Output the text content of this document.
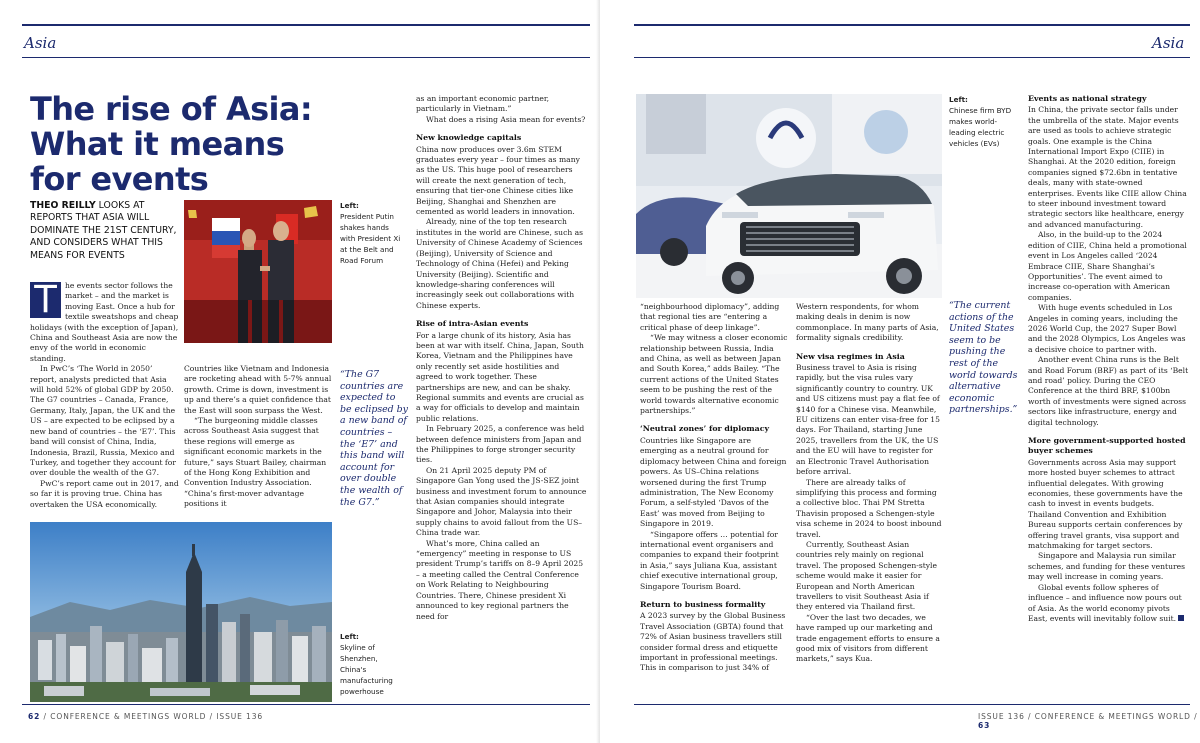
Asia
The rise of Asia: What it means for events
THEO REILLY LOOKS AT REPORTS THAT ASIA WILL DOMINATE THE 21ST CENTURY, AND CONSIDERS WHAT THIS MEANS FOR EVENTS
Left:
President Putin shakes hands with President Xi at the Belt and Road Forum
T	he events sector follows the market – and the market is moving East. Once a hub for textile sweatshops and cheap holidays (with the exception of Japan), China and Southeast Asia are now the envy of the world in economic standing.

In PwC’s ‘The World in 2050’ report, analysts predicted that Asia will hold 52% of global GDP by 2050. The G7 countries – Canada, France, Germany, Italy, Japan, the UK and the US – are expected to be eclipsed by a new band of countries – the ‘E7’. This band will consist of China, India, Indonesia, Brazil, Russia, Mexico and Turkey, and together they account for over double the wealth of the G7.

PwC’s report came out in 2017, and so far it is proving true. China has overtaken the USA economically.

Countries like Vietnam and Indonesia are rocketing ahead with 5-7% annual growth. Crime is down, investment is up and there’s a quiet confidence that the East will soon surpass the West.

“The burgeoning middle classes across Southeast Asia suggest that these regions will emerge as significant economic markets in the future,” says Stuart Bailey, chairman of the Hong Kong Exhibition and Convention Industry Association. “China’s first-mover advantage positions it

“The G7 countries are expected to be eclipsed by a new band of countries – the ‘E7’ and this band will account for over double the wealth of the G7.”
Left:
Skyline of Shenzhen, China's manufacturing powerhouse

as an important economic partner, particularly in Vietnam.”

What does a rising Asia mean for events?

New knowledge capitals

China now produces over 3.6m STEM graduates every year – four times as many as the US. This huge pool of researchers will create the next generation of tech, ensuring that tier-one Chinese cities like Beijing, Shanghai and Shenzhen are cemented as world leaders in innovation.

Already, nine of the top ten research institutes in the world are Chinese, such as University of Chinese Academy of Sciences (Beijing), University of Science and Technology of China (Hefei) and Peking University (Beijing). Scientific and knowledge-sharing conferences will increasingly seek out collaborations with Chinese experts.

Rise of intra-Asian events

For a large chunk of its history, Asia has been at war with itself. China, Japan, South Korea, Vietnam and the Philippines have only recently set aside hostilities and agreed to work together. These partnerships are new, and can be shaky. Regional summits and events are crucial as a way for officials to develop and maintain public relations.

In February 2025, a conference was held between defence ministers from Japan and the Philippines to forge stronger security ties.

On 21 April 2025 deputy PM of Singapore Gan Yong used the JS-SEZ joint business and investment forum to announce that Asian companies should integrate Singapore and Johor, Malaysia into their supply chains to avoid fallout from the US–China trade war.

What’s more, China called an “emergency” meeting in response to US president Trump’s tariffs on 8–9 April 2025 – a meeting called the Central Conference on Work Relating to Neighbouring Countries. There, Chinese president Xi announced to key regional partners the need for

62 / CONFERENCE & MEETINGS WORLD / ISSUE 136
Asia
Left:
Chinese firm BYD makes world-leading electric vehicles (EVs)

“neighbourhood diplomacy”, adding that regional ties are “entering a critical phase of deep linkage”.

“We may witness a closer economic relationship between Russia, India and China, as well as between Japan and South Korea,” adds Bailey. “The current actions of the United States seem to be pushing the rest of the world towards alternative economic partnerships.”

‘Neutral zones’ for diplomacy

Countries like Singapore are emerging as a neutral ground for diplomacy between China and foreign powers. As US–China relations worsened during the first Trump administration, The New Economy Forum, a self-styled ‘Davos of the East’ was moved from Beijing to Singapore in 2019.

“Singapore offers … potential for international event organisers and companies to expand their footprint in Asia,” says Juliana Kua, assistant chief executive international group, Singapore Tourism Board.

Return to business formality

A 2023 survey by the Global Business Travel Association (GBTA) found that 72% of Asian business travellers still consider formal dress and etiquette important in professional meetings. This in comparison to just 34% of

Western respondents, for whom making deals in denim is now commonplace. In many parts of Asia, formality signals credibility.

New visa regimes in Asia

Business travel to Asia is rising rapidly, but the visa rules vary significantly country to country. UK and US citizens must pay a flat fee of $140 for a Chinese visa. Meanwhile, EU citizens can enter visa-free for 15 days. For Thailand, starting June 2025, travellers from the UK, the US and the EU will have to register for an Electronic Travel Authorisation before arrival.

There are already talks of simplifying this process and forming a collective bloc. Thai PM Stretta Thavisin proposed a Schengen-style visa scheme in 2024 to boost inbound travel.

Currently, Southeast Asian countries rely mainly on regional travel. The proposed Schengen-style scheme would make it easier for European and North American travellers to visit Southeast Asia if they entered via Thailand first.

“Over the last two decades, we have ramped up our marketing and trade engagement efforts to ensure a good mix of visitors from different markets,” says Kua.

“The current actions of the United States seem to be pushing the rest of the world towards alternative economic partnerships.”
Events as national strategy

In China, the private sector falls under the umbrella of the state. Major events are used as tools to achieve strategic goals. One example is the China International Import Expo (CIIE) in Shanghai. At the 2020 edition, foreign companies signed $72.6bn in tentative deals, many with state-owned enterprises. Events like CIIE allow China to steer inbound investment toward strategic sectors like healthcare, energy and advanced manufacturing.

Also, in the build-up to the 2024 edition of CIIE, China held a promotional event in Los Angeles called ‘2024 Embrace CIIE, Share Shanghai’s Opportunities’. The event aimed to increase co-operation with American companies.

With huge events scheduled in Los Angeles in coming years, including the 2026 World Cup, the 2027 Super Bowl and the 2028 Olympics, Los Angeles was a decisive choice to partner with.

Another event China runs is the Belt and Road Forum (BRF) as part of its ‘Belt and road’ policy. During the CEO Conference at the third BRF, $100bn worth of investments were signed across sectors like infrastructure, energy and digital technology.

More government-supported hosted buyer schemes

Governments across Asia may support more hosted buyer schemes to attract influential delegates. With growing economies, these governments have the cash to invest in events budgets. Thailand Convention and Exhibition Bureau supports certain conferences by offering travel grants, visa support and matchmaking for target sectors.

Singapore and Malaysia run similar schemes, and funding for these ventures may well increase in coming years.

Global events follow spheres of influence – and influence now pours out of Asia. As the world economy pivots East, events will inevitably follow suit.

ISSUE 136 / CONFERENCE & MEETINGS WORLD / 63
